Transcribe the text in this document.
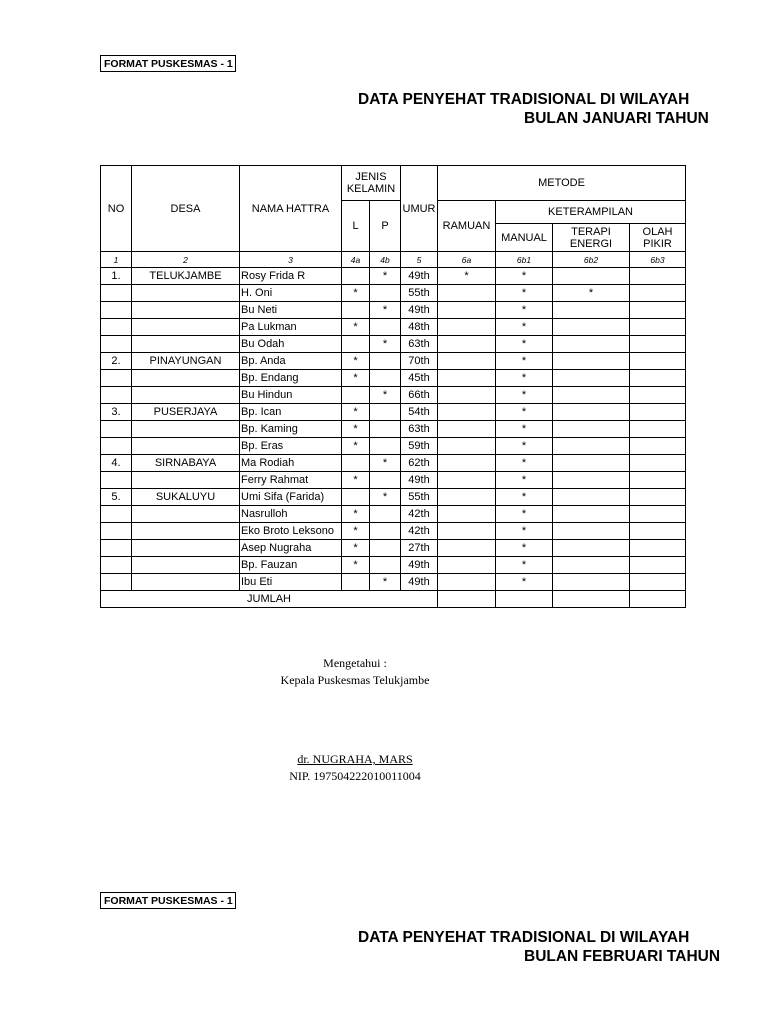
FORMAT PUSKESMAS - 1
DATA PENYEHAT TRADISIONAL DI WILAYAH
BULAN JANUARI TAHUN
NO	DESA	NAMA HATTRA	JENIS KELAMIN		UMUR	METODE			
			L	P		RAMUAN	KETERAMPILAN		
							MANUAL	TERAPI ENERGI	OLAH PIKIR
1	2	3	4a	4b	5	6a	6b1	6b2	6b3
1.	TELUKJAMBE	Rosy Frida R		*	49th	*	*		
		H. Oni	*		55th		*	*	
		Bu Neti		*	49th		*		
		Pa Lukman	*		48th		*		
		Bu Odah		*	63th		*		
2.	PINAYUNGAN	Bp. Anda	*		70th		*		
		Bp. Endang	*		45th		*		
		Bu Hindun		*	66th		*		
3.	PUSERJAYA	Bp. Ican	*		54th		*		
		Bp. Kaming	*		63th		*		
		Bp. Eras	*		59th		*		
4.	SIRNABAYA	Ma Rodiah		*	62th		*		
		Ferry Rahmat	*		49th		*		
5.	SUKALUYU	Umi Sifa (Farida)		*	55th		*		
		Nasrulloh	*		42th		*		
		Eko Broto Leksono	*		42th		*		
		Asep Nugraha	*		27th		*		
		Bp. Fauzan	*		49th		*		
		Ibu Eti		*	49th		*		
JUMLAH									
Mengetahui :
Kepala Puskesmas Telukjambe
dr. NUGRAHA, MARS
NIP. 197504222010011004
FORMAT PUSKESMAS - 1
DATA PENYEHAT TRADISIONAL DI WILAYAH
BULAN FEBRUARI TAHUN
